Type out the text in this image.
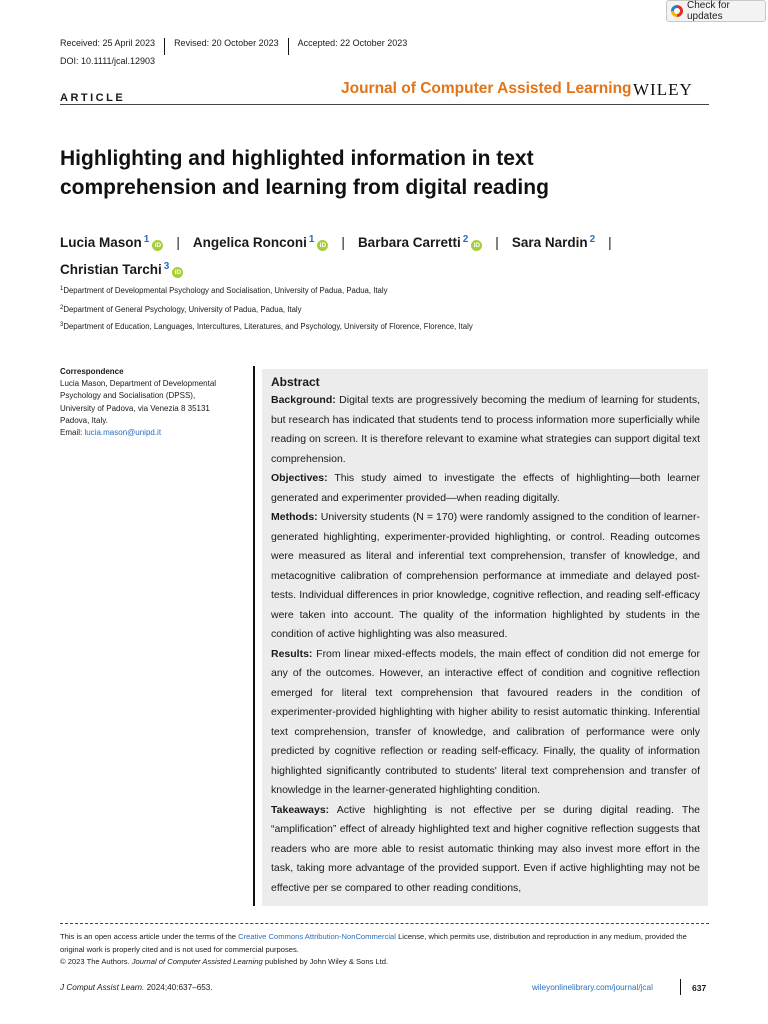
Check for updates
Received: 25 April 2023	Revised: 20 October 2023	Accepted: 22 October 2023
DOI: 10.1111/jcal.12903
ARTICLE
Journal of Computer Assisted Learning WILEY
Highlighting and highlighted information in text comprehension and learning from digital reading
Lucia Mason $^1$iD | Angelica Ronconi $^1$iD | Barbara Carretti $^2$iD | Sara Nardin $^2$ |
Christian Tarchi $^3$iD
$^1$Department of Developmental Psychology and Socialisation, University of Padua, Padua, Italy
$^2$Department of General Psychology, University of Padua, Padua, Italy
$^3$Department of Education, Languages, Intercultures, Literatures, and Psychology, University of Florence, Florence, Italy
Correspondence
Lucia Mason, Department of Developmental
Psychology and Socialisation (DPSS),
University of Padova, via Venezia 8 35131
Padova, Italy.
Email: lucia.mason@unipd.it
Abstract

Background: Digital texts are progressively becoming the medium of learning for students, but research has indicated that students tend to process information more superficially while reading on screen. It is therefore relevant to examine what strategies can support digital text comprehension.

Objectives: This study aimed to investigate the effects of highlighting—both learner generated and experimenter provided—when reading digitally.

Methods: University students (N = 170) were randomly assigned to the condition of learner-generated highlighting, experimenter-provided highlighting, or control. Reading outcomes were measured as literal and inferential text comprehension, transfer of knowledge, and metacognitive calibration of comprehension performance at immediate and delayed post-tests. Individual differences in prior knowledge, cognitive reflection, and reading self-efficacy were taken into account. The quality of the information highlighted by students in the condition of active highlighting was also measured.

Results: From linear mixed-effects models, the main effect of condition did not emerge for any of the outcomes. However, an interactive effect of condition and cognitive reflection emerged for literal text comprehension that favoured readers in the condition of experimenter-provided highlighting with higher ability to resist automatic thinking. Inferential text comprehension, transfer of knowledge, and calibration of performance were only predicted by cognitive reflection or reading self-efficacy. Finally, the quality of information highlighted significantly contributed to students' literal text comprehension and transfer of knowledge in the learner-generated highlighting condition.

Takeaways: Active highlighting is not effective per se during digital reading. The “amplification” effect of already highlighted text and higher cognitive reflection suggests that readers who are more able to resist automatic thinking may also invest more effort in the task, taking more advantage of the provided support. Even if active highlighting may not be effective per se compared to other reading conditions,

This is an open access article under the terms of the Creative Commons Attribution-NonCommercial License, which permits use, distribution and reproduction in any medium, provided the original work is properly cited and is not used for commercial purposes.
© 2023 The Authors. Journal of Computer Assisted Learning published by John Wiley & Sons Ltd.
J Comput Assist Learn. 2024;40:637–653.	wileyonlinelibrary.com/journal/jcal	637
